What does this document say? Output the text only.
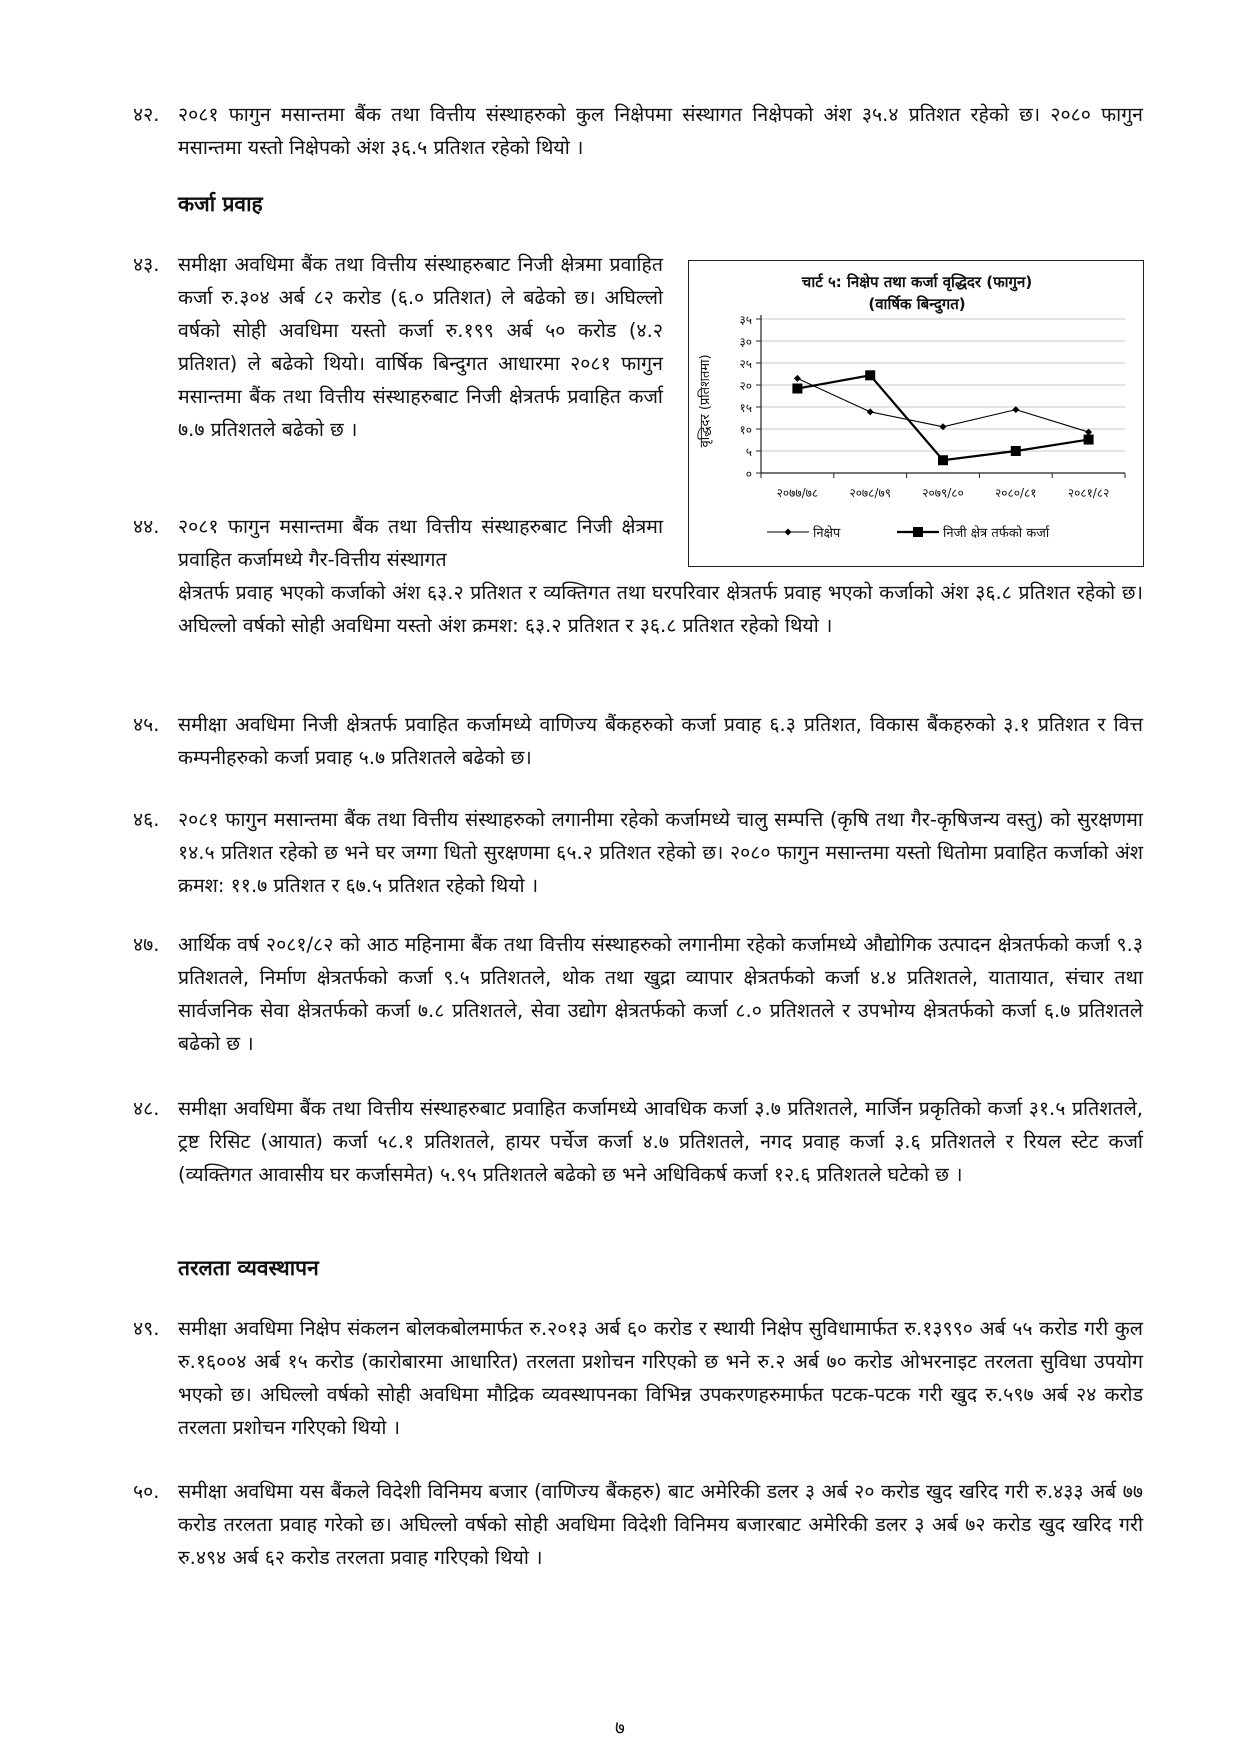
४२. २०८१ फागुन मसान्तमा बैंक तथा वित्तीय संस्थाहरुको कुल निक्षेपमा संस्थागत निक्षेपको अंश ३५.४ प्रतिशत रहेको छ। २०८० फागुन मसान्तमा यस्तो निक्षेपको अंश ३६.५ प्रतिशत रहेको थियो ।
कर्जा प्रवाह
४३. समीक्षा अवधिमा बैंक तथा वित्तीय संस्थाहरुबाट निजी क्षेत्रमा प्रवाहित कर्जा रु.३०४ अर्ब ८२ करोड (६.० प्रतिशत) ले बढेको छ। अघिल्लो वर्षको सोही अवधिमा यस्तो कर्जा रु.१९९ अर्ब ५० करोड (४.२ प्रतिशत) ले बढेको थियो। वार्षिक बिन्दुगत आधारमा २०८१ फागुन मसान्तमा बैंक तथा वित्तीय संस्थाहरुबाट निजी क्षेत्रतर्फ प्रवाहित कर्जा ७.७ प्रतिशतले बढेको छ ।
४४. २०८१ फागुन मसान्तमा बैंक तथा वित्तीय संस्थाहरुबाट निजी क्षेत्रमा प्रवाहित कर्जामध्ये गैर-वित्तीय संस्थागत
क्षेत्रतर्फ प्रवाह भएको कर्जाको अंश ६३.२ प्रतिशत र व्यक्तिगत तथा घरपरिवार क्षेत्रतर्फ प्रवाह भएको कर्जाको अंश ३६.८ प्रतिशत रहेको छ। अघिल्लो वर्षको सोही अवधिमा यस्तो अंश क्रमश: ६३.२ प्रतिशत र ३६.८ प्रतिशत रहेको थियो ।
४५. समीक्षा अवधिमा निजी क्षेत्रतर्फ प्रवाहित कर्जामध्ये वाणिज्य बैंकहरुको कर्जा प्रवाह ६.३ प्रतिशत, विकास बैंकहरुको ३.१ प्रतिशत र वित्त कम्पनीहरुको कर्जा प्रवाह ५.७ प्रतिशतले बढेको छ।
४६. २०८१ फागुन मसान्तमा बैंक तथा वित्तीय संस्थाहरुको लगानीमा रहेको कर्जामध्ये चालु सम्पत्ति (कृषि तथा गैर-कृषिजन्य वस्तु) को सुरक्षणमा १४.५ प्रतिशत रहेको छ भने घर जग्गा धितो सुरक्षणमा ६५.२ प्रतिशत रहेको छ। २०८० फागुन मसान्तमा यस्तो धितोमा प्रवाहित कर्जाको अंश क्रमश: ११.७ प्रतिशत र ६७.५ प्रतिशत रहेको थियो ।
४७. आर्थिक वर्ष २०८१/८२ को आठ महिनामा बैंक तथा वित्तीय संस्थाहरुको लगानीमा रहेको कर्जामध्ये औद्योगिक उत्पादन क्षेत्रतर्फको कर्जा ९.३ प्रतिशतले, निर्माण क्षेत्रतर्फको कर्जा ९.५ प्रतिशतले, थोक तथा खुद्रा व्यापार क्षेत्रतर्फको कर्जा ४.४ प्रतिशतले, यातायात, संचार तथा सार्वजनिक सेवा क्षेत्रतर्फको कर्जा ७.८ प्रतिशतले, सेवा उद्योग क्षेत्रतर्फको कर्जा ८.० प्रतिशतले र उपभोग्य क्षेत्रतर्फको कर्जा ६.७ प्रतिशतले बढेको छ ।
४८. समीक्षा अवधिमा बैंक तथा वित्तीय संस्थाहरुबाट प्रवाहित कर्जामध्ये आवधिक कर्जा ३.७ प्रतिशतले, मार्जिन प्रकृतिको कर्जा ३१.५ प्रतिशतले, ट्रष्ट रिसिट (आयात) कर्जा ५८.१ प्रतिशतले, हायर पर्चेज कर्जा ४.७ प्रतिशतले, नगद प्रवाह कर्जा ३.६ प्रतिशतले र रियल स्टेट कर्जा (व्यक्तिगत आवासीय घर कर्जासमेत) ५.९५ प्रतिशतले बढेको छ भने अधिविकर्ष कर्जा १२.६ प्रतिशतले घटेको छ ।
तरलता व्यवस्थापन
४९. समीक्षा अवधिमा निक्षेप संकलन बोलकबोलमार्फत रु.२०१३ अर्ब ६० करोड र स्थायी निक्षेप सुविधामार्फत रु.१३९९० अर्ब ५५ करोड गरी कुल रु.१६००४ अर्ब १५ करोड (कारोबारमा आधारित) तरलता प्रशोचन गरिएको छ भने रु.२ अर्ब ७० करोड ओभरनाइट तरलता सुविधा उपयोग भएको छ। अघिल्लो वर्षको सोही अवधिमा मौद्रिक व्यवस्थापनका विभिन्न उपकरणहरुमार्फत पटक-पटक गरी खुद रु.५९७ अर्ब २४ करोड तरलता प्रशोचन गरिएको थियो ।
५०. समीक्षा अवधिमा यस बैंकले विदेशी विनिमय बजार (वाणिज्य बैंकहरु) बाट अमेरिकी डलर ३ अर्ब २० करोड खुद खरिद गरी रु.४३३ अर्ब ७७ करोड तरलता प्रवाह गरेको छ। अघिल्लो वर्षको सोही अवधिमा विदेशी विनिमय बजारबाट अमेरिकी डलर ३ अर्ब ७२ करोड खुद खरिद गरी रु.४९४ अर्ब ६२ करोड तरलता प्रवाह गरिएको थियो ।
चार्ट ५: निक्षेप तथा कर्जा वृद्धिदर (फागुन)
(वार्षिक बिन्दुगत)
वृद्धिदर (प्रतिशतमा)
०
५
१०
१५
२०
२५
३०
३५
२०७७/७८	२०७८/७९	२०७९/८०	२०८०/८१	२०८१/८२
निक्षेप	निजी क्षेत्र तर्फको कर्जा
७
